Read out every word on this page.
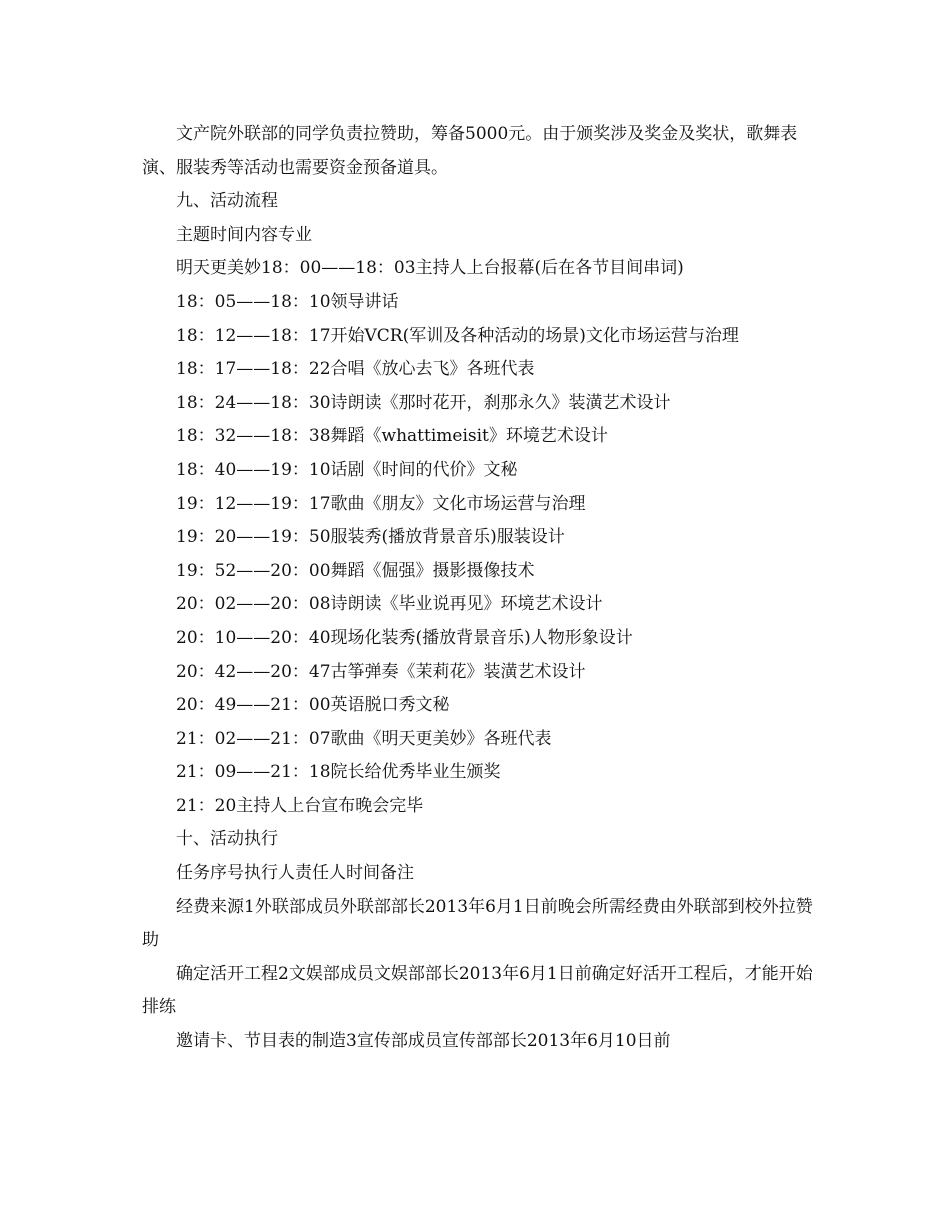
文产院外联部的同学负责拉赞助，筹备5000元。由于颁奖涉及奖金及奖状，歌舞表演、服装秀等活动也需要资金预备道具。

九、活动流程

主题时间内容专业

明天更美妙18：00——18：03主持人上台报幕(后在各节目间串词)

18：05——18：10领导讲话

18：12——18：17开始VCR(军训及各种活动的场景)文化市场运营与治理

18：17——18：22合唱《放心去飞》各班代表

18：24——18：30诗朗读《那时花开，刹那永久》装潢艺术设计

18：32——18：38舞蹈《whattimeisit》环境艺术设计

18：40——19：10话剧《时间的代价》文秘

19：12——19：17歌曲《朋友》文化市场运营与治理

19：20——19：50服装秀(播放背景音乐)服装设计

19：52——20：00舞蹈《倔强》摄影摄像技术

20：02——20：08诗朗读《毕业说再见》环境艺术设计

20：10——20：40现场化装秀(播放背景音乐)人物形象设计

20：42——20：47古筝弹奏《茉莉花》装潢艺术设计

20：49——21：00英语脱口秀文秘

21：02——21：07歌曲《明天更美妙》各班代表

21：09——21：18院长给优秀毕业生颁奖

21：20主持人上台宣布晚会完毕

十、活动执行

任务序号执行人责任人时间备注

经费来源1外联部成员外联部部长2013年6月1日前晚会所需经费由外联部到校外拉赞助

确定活开工程2文娱部成员文娱部部长2013年6月1日前确定好活开工程后，才能开始排练

邀请卡、节目表的制造3宣传部成员宣传部部长2013年6月10日前
